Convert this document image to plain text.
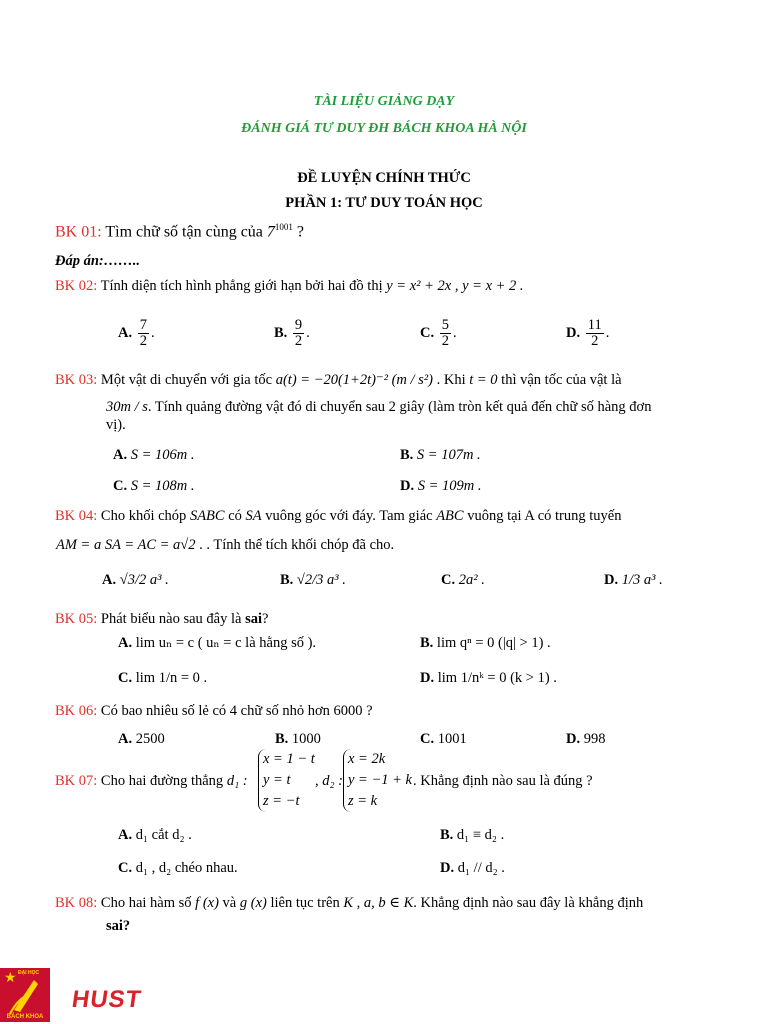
TÀI LIỆU GIẢNG DẠY
ĐÁNH GIÁ TƯ DUY ĐH BÁCH KHOA HÀ NỘI
ĐỀ LUYỆN CHÍNH THỨC
PHẦN 1: TƯ DUY TOÁN HỌC
BK 01: Tìm chữ số tận cùng của $7^{1001}$ ?
Đáp án:……..
BK 02: Tính diện tích hình phẳng giới hạn bởi hai đồ thị y = x² + 2x , y = x + 2 .
A. $\frac{7}{2}$ .	B. $\frac{9}{2}$ .	C. $\frac{5}{2}$ .	D. $\frac{11}{2}$ .
BK 03: Một vật di chuyển với gia tốc a(t) = −20(1+2t)⁻² (m / s²) . Khi t = 0 thì vận tốc của vật là
30m / s. Tính quảng đường vật đó di chuyển sau 2 giây (làm tròn kết quả đến chữ số hàng đơn
vị).
A. S = 106m .	B. S = 107m .
C. S = 108m .	D. S = 109m .
BK 04: Cho khối chóp SABC có SA vuông góc với đáy. Tam giác ABC vuông tại A có trung tuyến
AM = a SA = AC = a√2 . . Tính thể tích khối chóp đã cho.
A. √3/2 a³ .	B. √2/3 a³ .	C. 2a² .	D. 1/3 a³ .
BK 05: Phát biểu nào sau đây là sai?
A. lim uₙ = c ( uₙ = c là hằng số ).	B. lim qⁿ = 0 (|q| > 1) .
C. lim 1/n = 0 .	D. lim 1/nᵏ = 0 (k > 1) .
BK 06: Có bao nhiêu số lẻ có 4 chữ số nhỏ hơn 6000 ?
A. 2500	B. 1000	C. 1001	D. 998
BK 07: Cho hai đường thẳng d₁ :
x = 1 − t
y = t
z = −t
, d₂ :
x = 2k
y = −1 + k
z = k
. Khẳng định nào sau là đúng ?
A. d₁ cắt d₂ .	B. d₁ ≡ d₂ .
C. d₁ , d₂ chéo nhau.	D. d₁ // d₂ .
BK 08: Cho hai hàm số f (x) và g (x) liên tục trên K , a, b ∈ K. Khẳng định nào sau đây là khẳng định
sai?
★ ĐẠI HỌC
BÁCH KHOA
HUST
